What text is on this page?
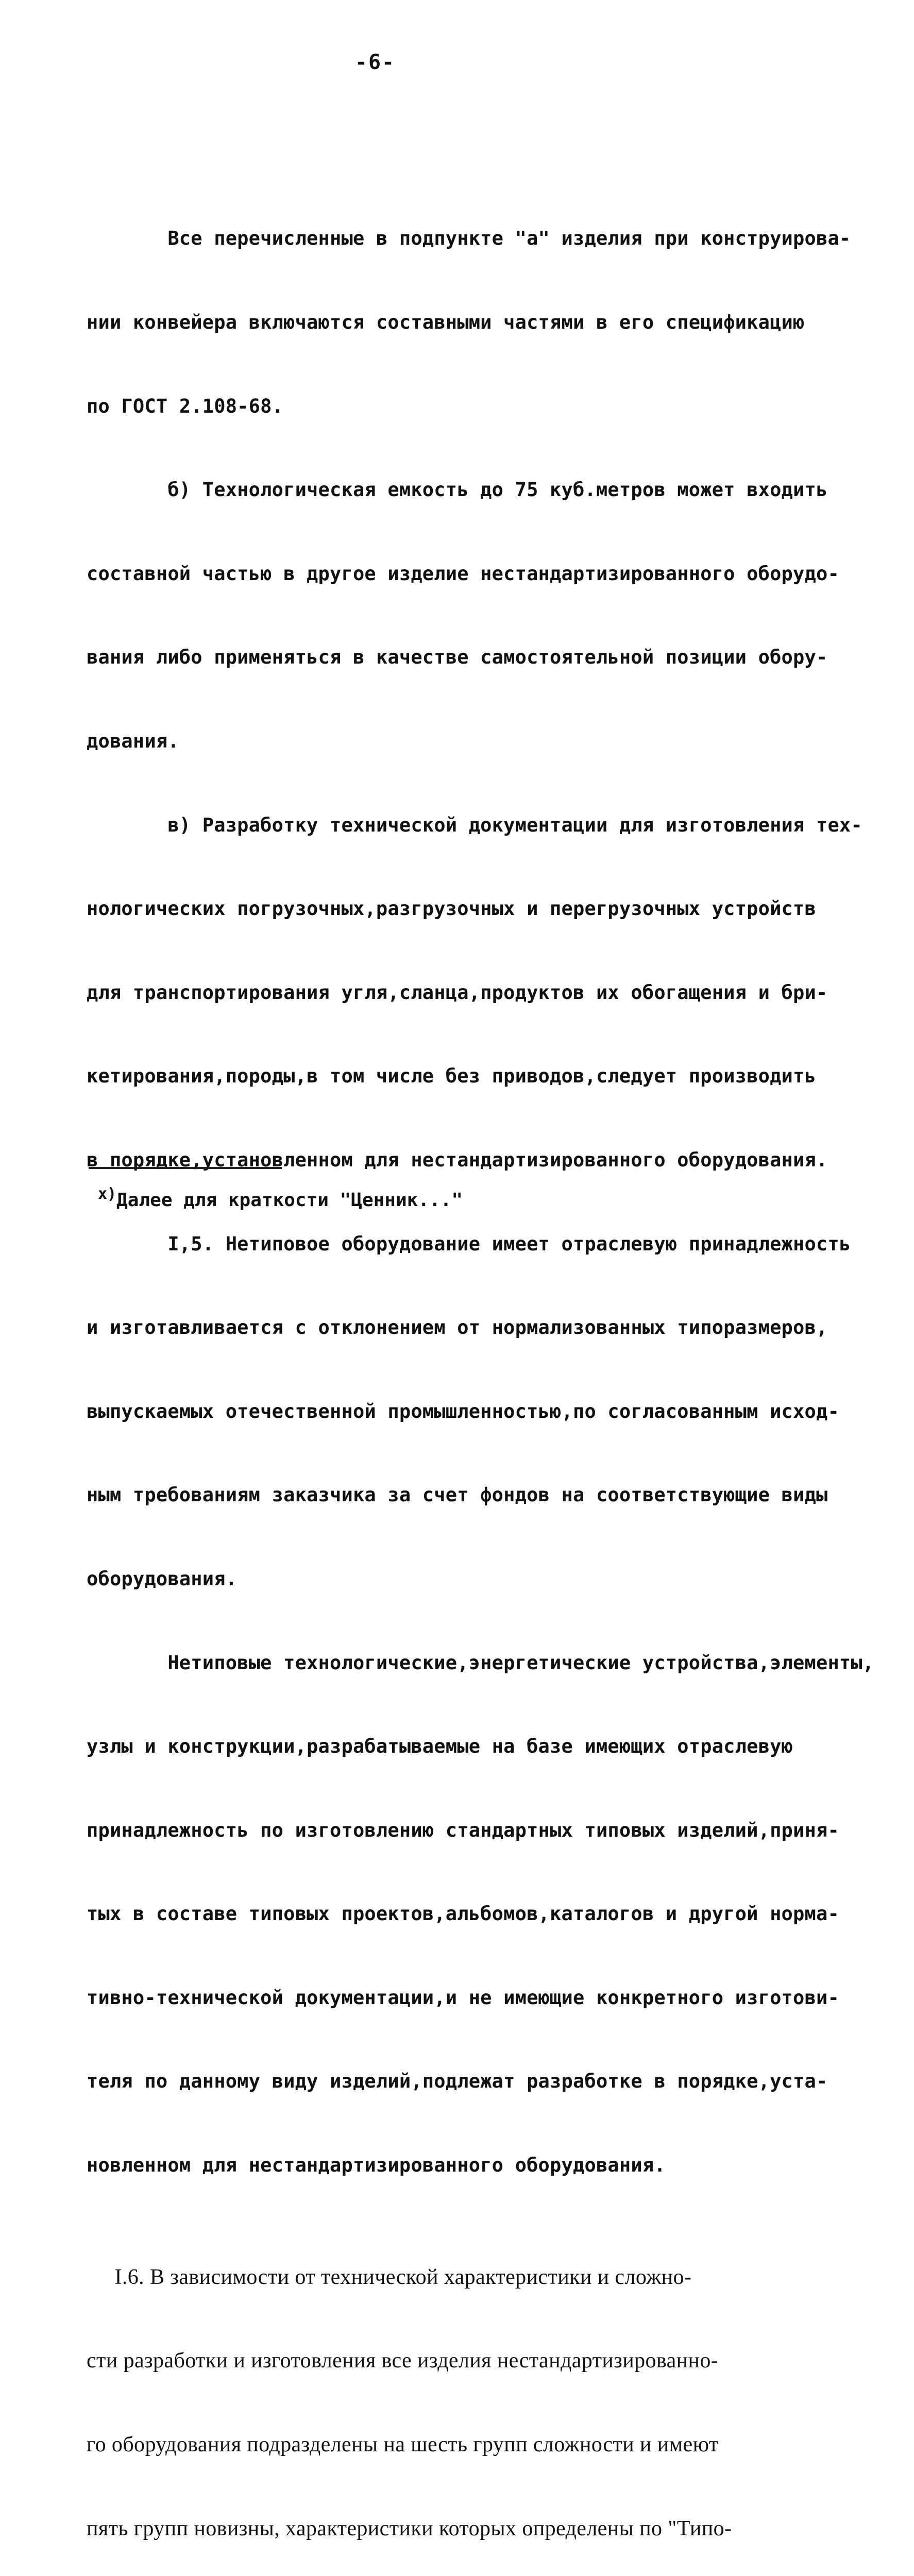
-6-

Все перечисленные в подпункте "а" изделия при конструирова-

нии конвейера включаются составными частями в его спецификацию

по ГОСТ 2.108-68.

б) Технологическая емкость до 75 куб.метров может входить

составной частью в другое изделие нестандартизированного оборудо-

вания либо применяться в качестве самостоятельной позиции обору-

дования.

в) Разработку технической документации для изготовления тех-

нологических погрузочных,разгрузочных и перегрузочных устройств

для транспортирования угля,сланца,продуктов их обогащения и бри-

кетирования,породы,в том числе без приводов,следует производить

в порядке,установленном для нестандартизированного оборудования.

I,5. Нетиповое оборудование имеет отраслевую принадлежность

и изготавливается с отклонением от нормализованных типоразмеров,

выпускаемых отечественной промышленностью,по согласованным исход-

ным требованиям заказчика за счет фондов на соответствующие виды

оборудования.

Нетиповые технологические,энергетические устройства,элементы,

узлы и конструкции,разрабатываемые на базе имеющих отраслевую

принадлежность по изготовлению стандартных типовых изделий,приня-

тых в составе типовых проектов,альбомов,каталогов и другой норма-

тивно-технической документации,и не имеющие конкретного изготови-

теля по данному виду изделий,подлежат разработке в порядке,уста-

новленном для нестандартизированного оборудования.

I.6. В зависимости от технической характеристики и сложно-

сти разработки и изготовления все изделия нестандартизированно-

го оборудования подразделены на шесть групп сложности и имеют

пять групп новизны, характеристики которых определены по "Типо-

$^{x)}$Далее для краткости "Ценник..."
